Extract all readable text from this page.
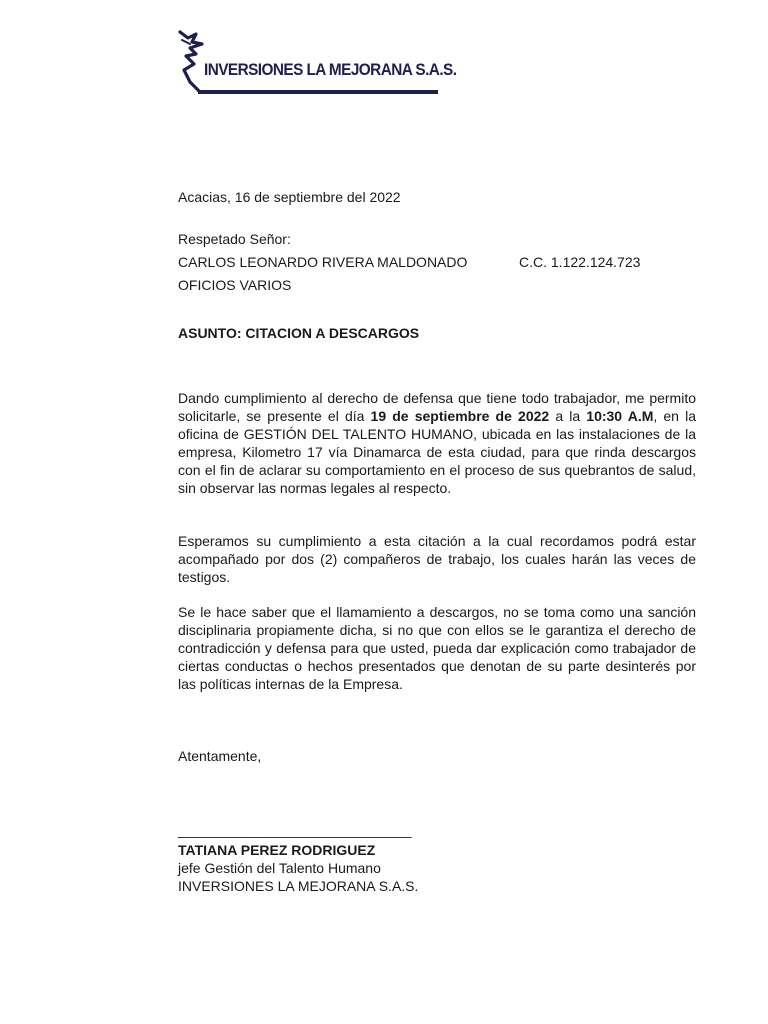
INVERSIONES LA MEJORANA S.A.S.
Acacias, 16 de septiembre del 2022
Respetado Señor:
CARLOS LEONARDO RIVERA MALDONADO	C.C. 1.122.124.723
OFICIOS VARIOS
ASUNTO: CITACION A DESCARGOS
Dando cumplimiento al derecho de defensa que tiene todo trabajador, me permito solicitarle, se presente el día 19 de septiembre de 2022 a la 10:30 A.M, en la oficina de GESTIÓN DEL TALENTO HUMANO, ubicada en las instalaciones de la empresa, Kilometro 17 vía Dinamarca de esta ciudad, para que rinda descargos con el fin de aclarar su comportamiento en el proceso de sus quebrantos de salud, sin observar las normas legales al respecto.
Esperamos su cumplimiento a esta citación a la cual recordamos podrá estar acompañado por dos (2) compañeros de trabajo, los cuales harán las veces de testigos.
Se le hace saber que el llamamiento a descargos, no se toma como una sanción disciplinaria propiamente dicha, si no que con ellos se le garantiza el derecho de contradicción y defensa para que usted, pueda dar explicación como trabajador de ciertas conductas o hechos presentados que denotan de su parte desinterés por las políticas internas de la Empresa.
Atentamente,
______________________________
TATIANA PEREZ RODRIGUEZ
jefe Gestión del Talento Humano
INVERSIONES LA MEJORANA S.A.S.
